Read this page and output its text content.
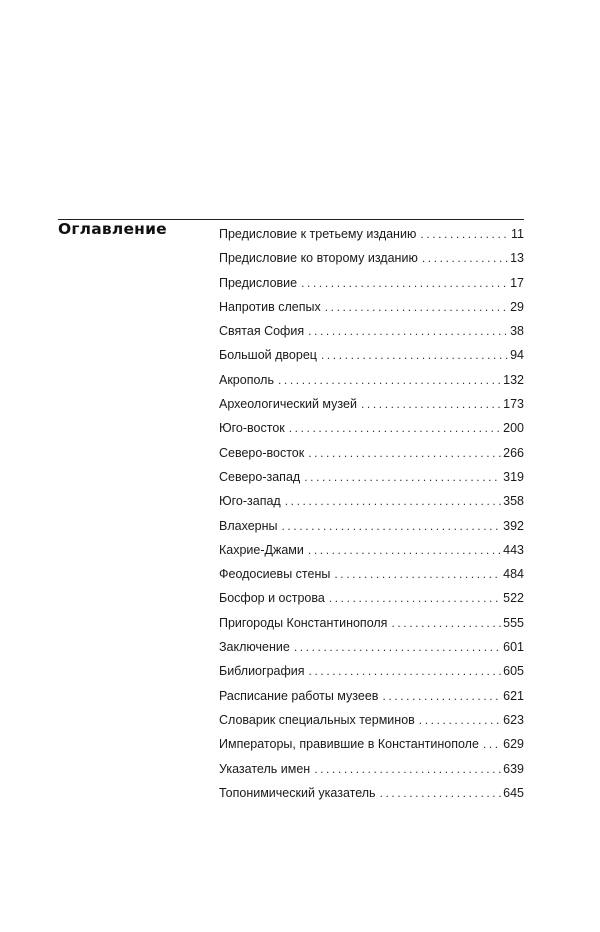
Оглавление	Предисловие к третьему изданию .....	11
Предисловие ко второму изданию .....	13
Предисловие .....	17
Напротив слепых .....	29
Святая София .....	38
Большой дворец .....	94
Акрополь .....	132
Археологический музей .....	173
Юго-восток .....	200
Северо-восток .....	266
Северо-запад .....	319
Юго-запад .....	358
Влахерны .....	392
Кахрие-Джами .....	443
Феодосиевы стены .....	484
Босфор и острова .....	522
Пригороды Константинополя .....	555
Заключение .....	601
Библиография .....	605
Расписание работы музеев .....	621
Словарик специальных терминов .....	623
Императоры, правившие в Константинополе .....	629
Указатель имен .....	639
Топонимический указатель .....	645
